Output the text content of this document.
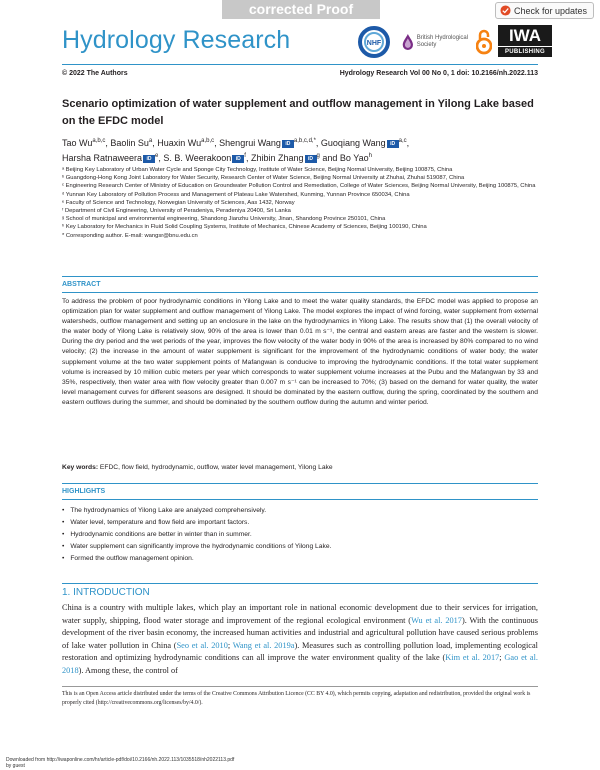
corrected Proof	Check for updates
Hydrology Research	NHF
British Hydrological Society	IWA
PUBLISHING
© 2022 The Authors	Hydrology Research Vol 00 No 0, 1 doi: 10.2166/nh.2022.113
Scenario optimization of water supplement and outflow management in Yilong Lake based on the EFDC model
Tao Wu$^{a,b,c}$, Baolin Su$^a$, Huaxin Wu$^{a,b,c}$, Shengrui Wang iD $^{a,b,c,d,*}$, Guoqiang Wang iD $^{a,c}$,
Harsha Ratnaweera iD $^e$, S. B. Weerakoon iD $^f$, Zhibin Zhang iD $^g$ and Bo Yao$^h$
ᵃ Beijing Key Laboratory of Urban Water Cycle and Sponge City Technology, Institute of Water Science, Beijing Normal University, Beijing 100875, China
ᵇ Guangdong-Hong Kong Joint Laboratory for Water Security, Research Center of Water Science, Beijing Normal University at Zhuhai, Zhuhai 519087, China
ᶜ Engineering Research Center of Ministry of Education on Groundwater Pollution Control and Remediation, College of Water Sciences, Beijing Normal University, Beijing 100875, China
ᵈ Yunnan Key Laboratory of Pollution Process and Management of Plateau Lake Watershed, Kunming, Yunnan Province 650034, China
ᵉ Faculty of Science and Technology, Norwegian University of Sciences, Aas 1432, Norway
ᶠ Department of Civil Engineering, University of Peradeniya, Peradeniya 20400, Sri Lanka
ᵍ School of municipal and environmental engineering, Shandong Jianzhu University, Jinan, Shandong Province 250101, China
ʰ Key Laboratory for Mechanics in Fluid Solid Coupling Systems, Institute of Mechanics, Chinese Academy of Sciences, Beijing 100190, China
* Corresponding author. E-mail: wangsr@bnu.edu.cn
ABSTRACT
To address the problem of poor hydrodynamic conditions in Yilong Lake and to meet the water quality standards, the EFDC model was applied to propose an optimization plan for water supplement and outflow management of Yilong Lake. The model explores the impact of wind forcing, water supplement from external watersheds, outflow management and setting up an enclosure in the lake on the hydrodynamics in Yilong Lake. The results show that (1) the overall velocity of the water body of Yilong Lake is relatively slow, 90% of the area is lower than 0.01 m s⁻¹, the central and eastern areas are faster and the western is slower. During the dry period and the wet periods of the year, improves the flow velocity of the water body in 90% of the area is increased by 80% compared to no wind velocity; (2) the increase in the amount of water supplement is significant for the improvement of the hydrodynamic conditions of water body; the water supplement volume at the two water supplement points of Mafangwan is conducive to improving the hydrodynamic conditions. If the total water supplement volume is increased by 10 million cubic meters per year which corresponds to water supplement volume increases at the Pubu and the Mafangwan by 33 and 35%, respectively, then water area with flow velocity greater than 0.007 m s⁻¹ can be increased to 70%; (3) based on the demand for water quality, the water level management curves for different seasons are designed. It should be dominated by the eastern outflow, during the spring, coordinated by the southern and eastern outflows during the summer, and should be dominated by the southern outflow during the autumn and winter period.
Key words: EFDC, flow field, hydrodynamic, outflow, water level management, Yilong Lake
HIGHLIGHTS
• The hydrodynamics of Yilong Lake are analyzed comprehensively.
• Water level, temperature and flow field are important factors.
• Hydrodynamic conditions are better in winter than in summer.
• Water supplement can significantly improve the hydrodynamic conditions of Yilong Lake.
• Formed the outflow management opinion.
1. INTRODUCTION
China is a country with multiple lakes, which play an important role in national economic development due to their services for irrigation, water supply, shipping, flood water storage and improvement of the regional ecological environment (Wu et al. 2017). With the continuous development of the river basin economy, the increased human activities and industrial and agricultural pollution have caused serious problems of lake water pollution in China (Seo et al. 2010; Wang et al. 2019a). Measures such as controlling pollution load, implementing ecological restoration and optimizing hydrodynamic conditions can all improve the water environment quality of the lake (Kim et al. 2017; Gao et al. 2018). Among these, the control of
This is an Open Access article distributed under the terms of the Creative Commons Attribution Licence (CC BY 4.0), which permits copying, adaptation and redistribution, provided the original work is properly cited (http://creativecommons.org/licenses/by/4.0/).
Downloaded from http://iwaponline.com/hr/article-pdf/doi/10.2166/nh.2022.113/1035518/nh2022113.pdf
by guest
